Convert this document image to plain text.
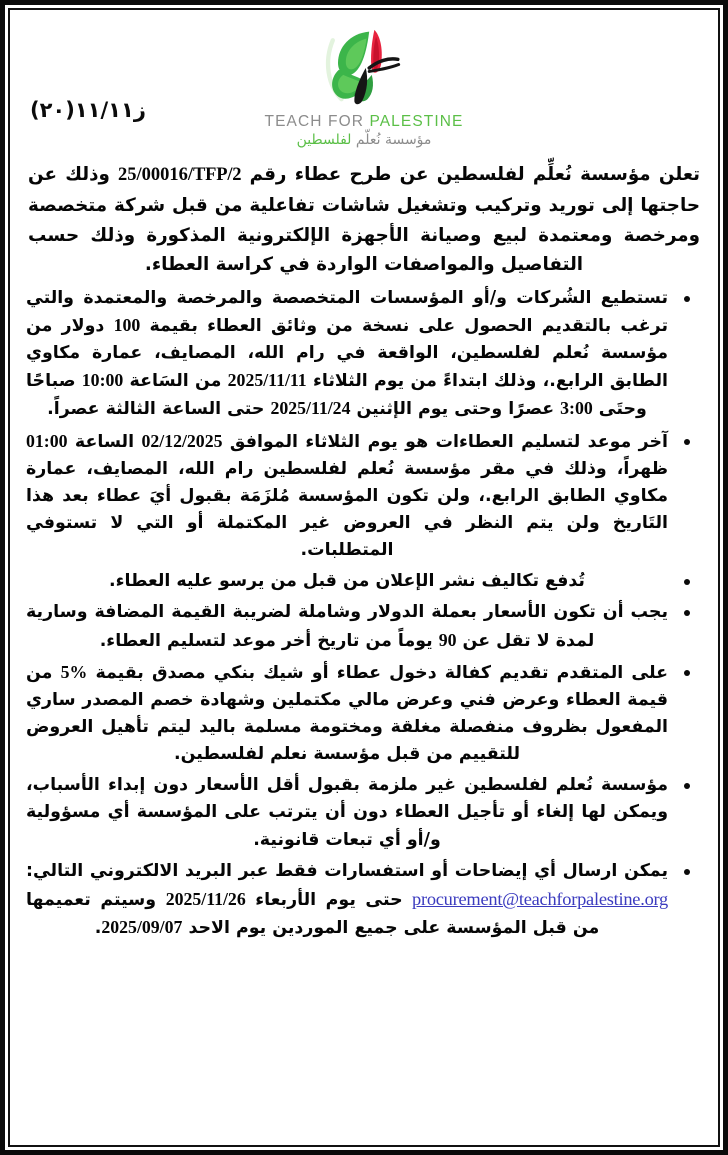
ز١١/١١(٢٠)	TEACH FOR PALESTINE
مؤسسة نُعلّم لفلسطين

تعلن مؤسسة نُعلِّم لفلسطين عن طرح عطاء رقم 25/00016/TFP/2 وذلك عن حاجتها إلى توريد وتركيب وتشغيل شاشات تفاعلية من قبل شركة متخصصة ومرخصة ومعتمدة لبيع وصيانة الأجهزة الإلكترونية المذكورة وذلك حسب التفاصيل والمواصفات الواردة في كراسة العطاء.

تستطيع الشُركات و/أو المؤسسات المتخصصة والمرخصة والمعتمدة والتي ترغب بالتقديم الحصول على نسخة من وثائق العطاء بقيمة 100 دولار من مؤسسة نُعلم لفلسطين، الواقعة في رام الله، المصايف، عمارة مكاوي الطابق الرابع.، وذلك ابتداءً من يوم الثلاثاء 2025/11/11 من السَاعة 10:00 صباحًا وحتَى 3:00 عصرًا وحتى يوم الإثنين 2025/11/24 حتى الساعة الثالثة عصراً.
آخر موعد لتسليم العطاءات هو يوم الثلاثاء الموافق 02/12/2025 الساعة 01:00 ظهراً، وذلك في مقر مؤسسة نُعلم لفلسطين رام الله، المصايف، عمارة مكاوي الطابق الرابع.، ولن تكون المؤسسة مُلزَمَة بقبول أيَ عطاء بعد هذا التَاريخ ولن يتم النظر في العروض غير المكتملة أو التي لا تستوفي المتطلبات.
تُدفع تكاليف نشر الإعلان من قبل من يرسو عليه العطاء.
يجب أن تكون الأسعار بعملة الدولار وشاملة لضريبة القيمة المضافة وسارية لمدة لا تقل عن 90 يوماً من تاريخ أخر موعد لتسليم العطاء.
على المتقدم تقديم كفالة دخول عطاء أو شيك بنكي مصدق بقيمة 5% من قيمة العطاء وعرض فني وعرض مالي مكتملين وشهادة خصم المصدر ساري المفعول بظروف منفصلة مغلقة ومختومة مسلمة باليد ليتم تأهيل العروض للتقييم من قبل مؤسسة نعلم لفلسطين.
مؤسسة نُعلم لفلسطين غير ملزمة بقبول أقل الأسعار دون إبداء الأسباب، ويمكن لها إلغاء أو تأجيل العطاء دون أن يترتب على المؤسسة أي مسؤولية و/أو أي تبعات قانونية.
يمكن ارسال أي إيضاحات أو استفسارات فقط عبر البريد الالكتروني التالي: procurement@teachforpalestine.org حتى يوم الأربعاء 2025/11/26 وسيتم تعميمها من قبل المؤسسة على جميع الموردين يوم الاحد 2025/09/07.
